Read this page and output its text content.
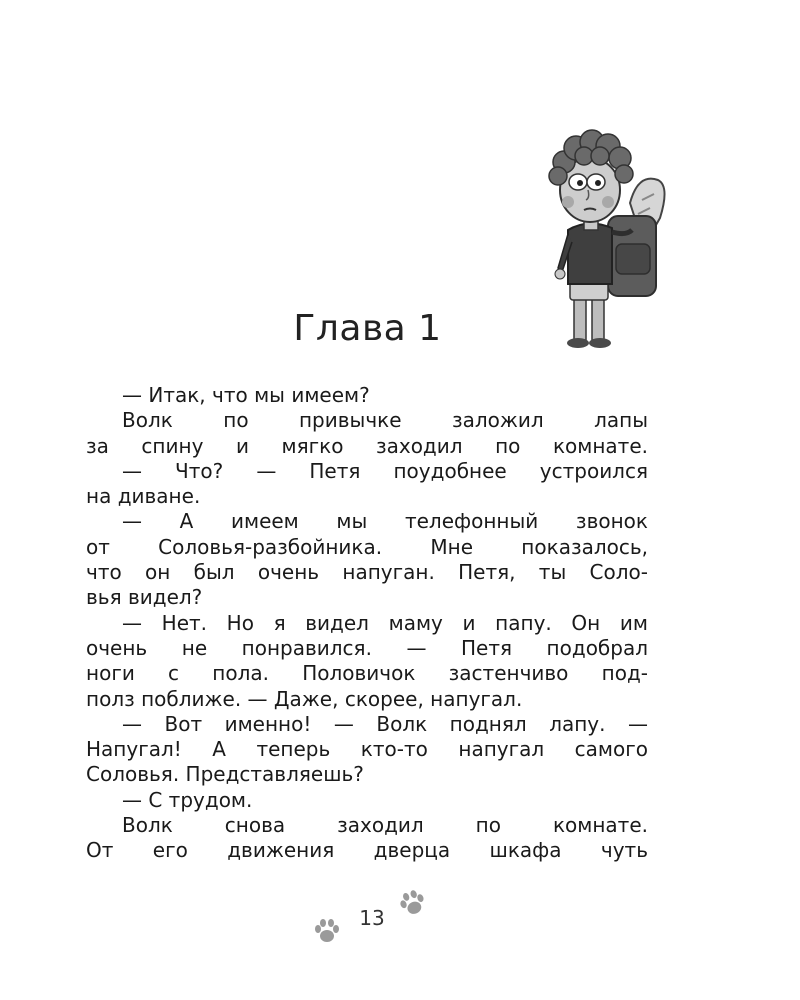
Глава 1
— Итак, что мы имеем?
Волк по привычке заложил лапы
за спину и мягко заходил по комнате.
— Что? — Петя поудобнее устроился
на диване.
— А имеем мы телефонный звонок
от Соловья-разбойника. Мне показалось,
что он был очень напуган. Петя, ты Соло-
вья видел?
— Нет. Но я видел маму и папу. Он им
очень не понравился. — Петя подобрал
ноги с пола. Половичок застенчиво под-
полз поближе. — Даже, скорее, напугал.
— Вот именно! — Волк поднял лапу. —
Напугал! А теперь кто-то напугал самого
Соловья. Представляешь?
— С трудом.
Волк снова заходил по комнате.
От его движения дверца шкафа чуть
13
